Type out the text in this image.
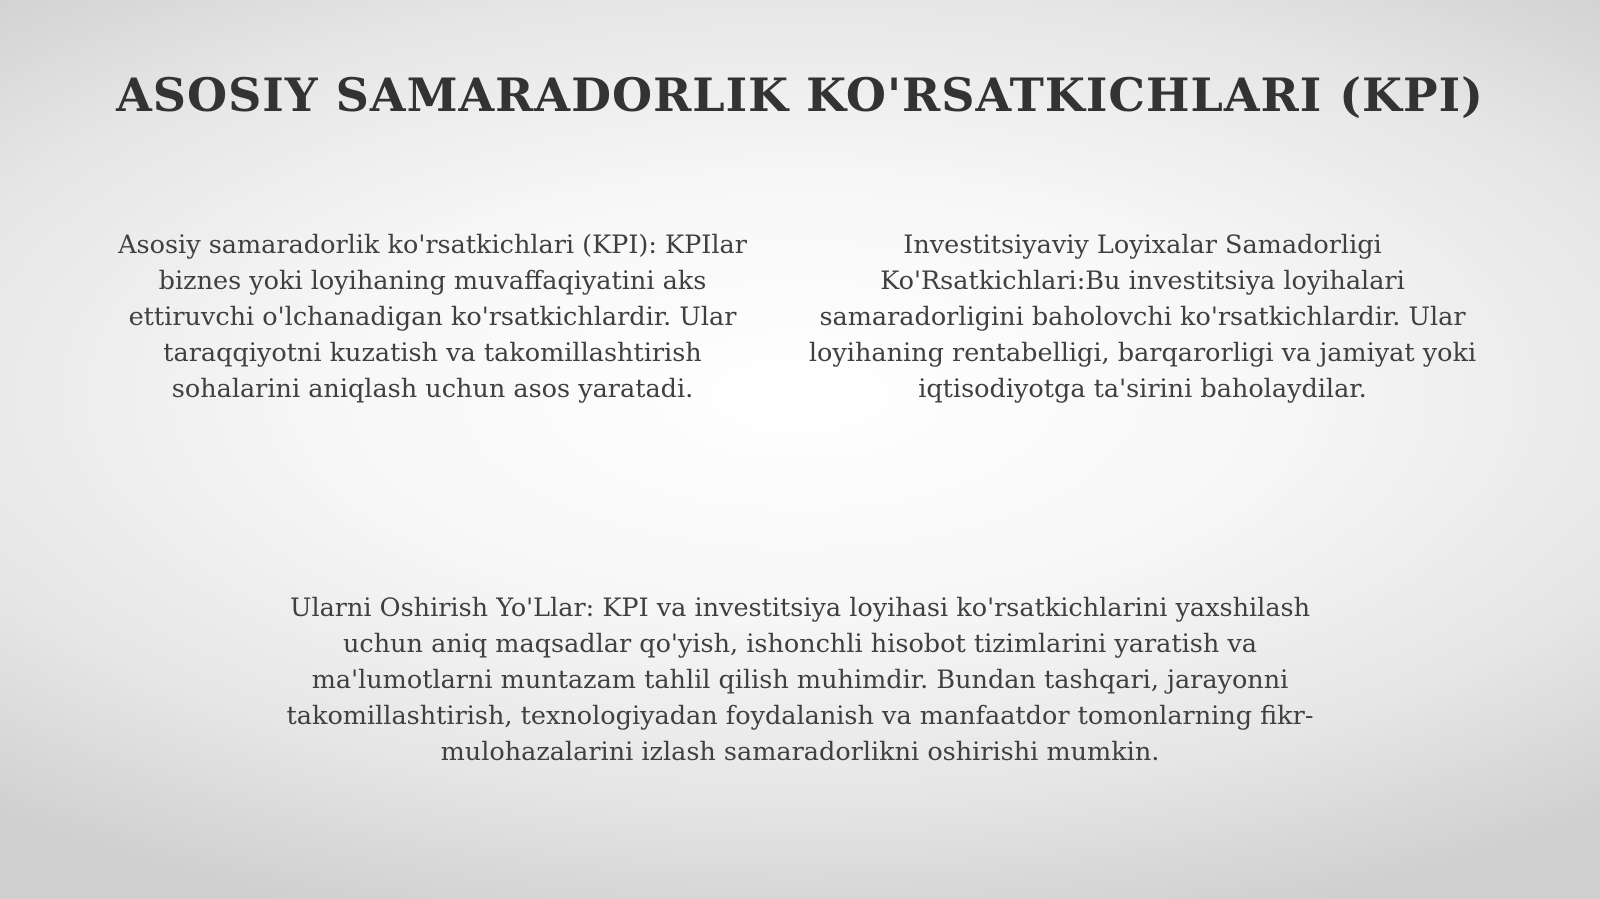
ASOSIY SAMARADORLIK KO'RSATKICHLARI (KPI)
Asosiy samaradorlik ko'rsatkichlari (KPI): KPIlar biznes yoki loyihaning muvaffaqiyatini aks ettiruvchi o'lchanadigan ko'rsatkichlardir. Ular taraqqiyotni kuzatish va takomillashtirish sohalarini aniqlash uchun asos yaratadi.
Investitsiyaviy Loyixalar Samadorligi Ko'Rsatkichlari:Bu investitsiya loyihalari samaradorligini baholovchi ko'rsatkichlardir. Ular loyihaning rentabelligi, barqarorligi va jamiyat yoki iqtisodiyotga ta'sirini baholaydilar.
Ularni Oshirish Yo'Llar: KPI va investitsiya loyihasi ko'rsatkichlarini yaxshilash uchun aniq maqsadlar qo'yish, ishonchli hisobot tizimlarini yaratish va ma'lumotlarni muntazam tahlil qilish muhimdir. Bundan tashqari, jarayonni takomillashtirish, texnologiyadan foydalanish va manfaatdor tomonlarning fikr-mulohazalarini izlash samaradorlikni oshirishi mumkin.
